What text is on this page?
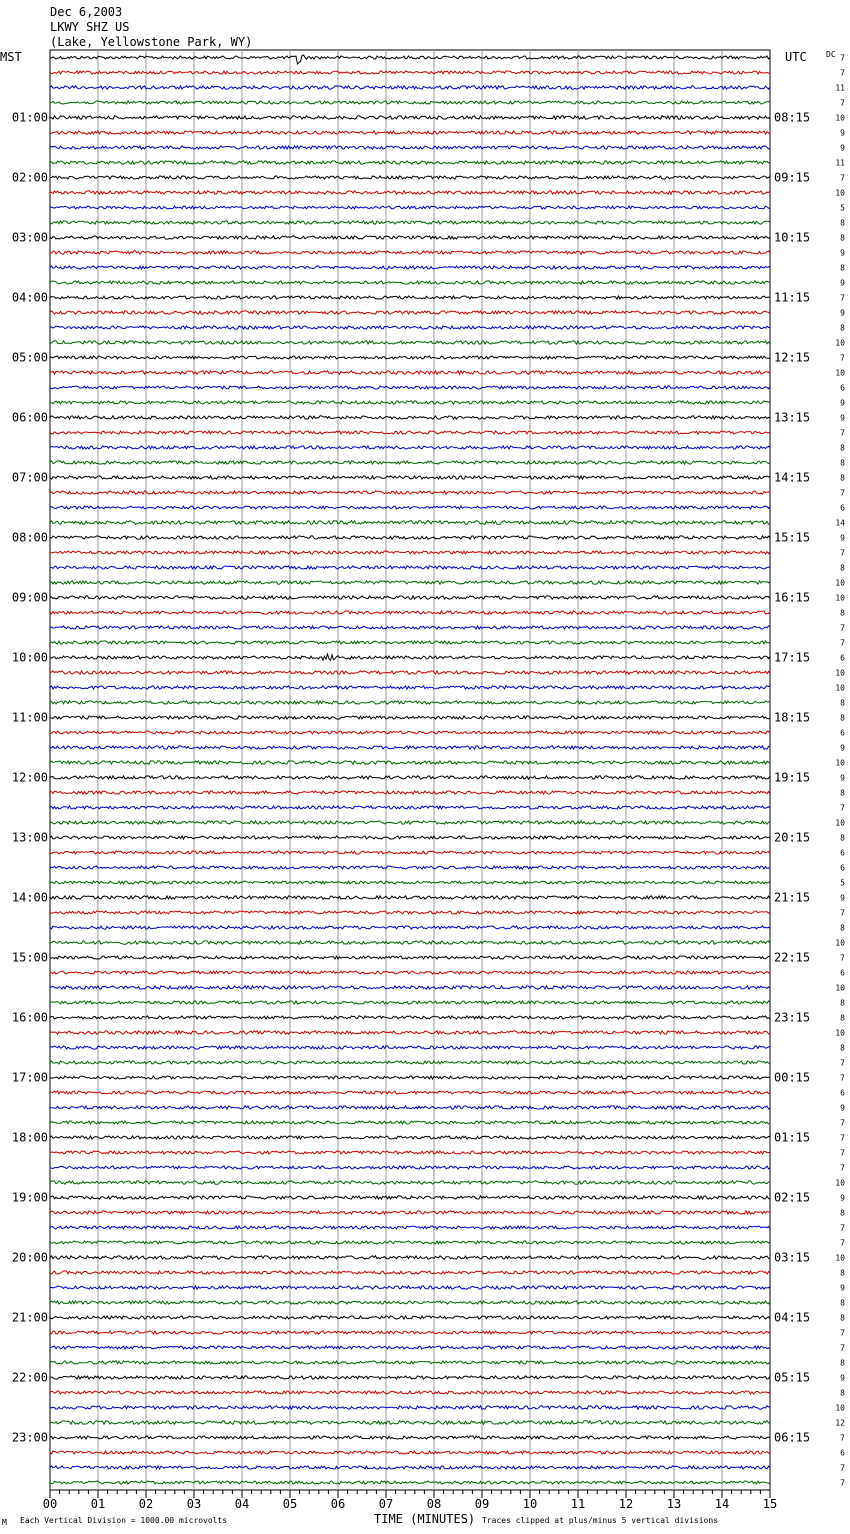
Dec 6,2003
LKWY SHZ US
(Lake, Yellowstone Park, WY)
MST	UTC DC
01:00
02:00
03:00
04:00
05:00
06:00
07:00
08:00
09:00
10:00
11:00
12:00
13:00
14:00
15:00
16:00
17:00
18:00
19:00
20:00
21:00
22:00
23:00
08:15
09:15
10:15
11:15
12:15
13:15
14:15
15:15
16:15
17:15
18:15
19:15
20:15
21:15
22:15
23:15
00:15
01:15
02:15
03:15
04:15
05:15
06:15
7
7
11
7
10
9
9
11
7
10
5
8
8
9
8
9
7
9
8
10
7
10
6
9
9
7
8
8
8
7
6
14
9
7
8
10
10
8
7
7
6
10
10
8
8
6
9
10
9
8
7
10
8
6
6
5
9
7
8
10
7
6
10
8
8
10
8
7
7
6
9
7
7
7
7
10
9
8
7
7
10
8
9
8
8
7
7
8
9
8
10
12
7
6
7
7
00	01	02	03	04	05	06	07	08	09	10	11	12	13	14	15
TIME (MINUTES)
Each Vertical Division = 1000.00 microvolts	Traces clipped at plus/minus 5 vertical divisions
M
